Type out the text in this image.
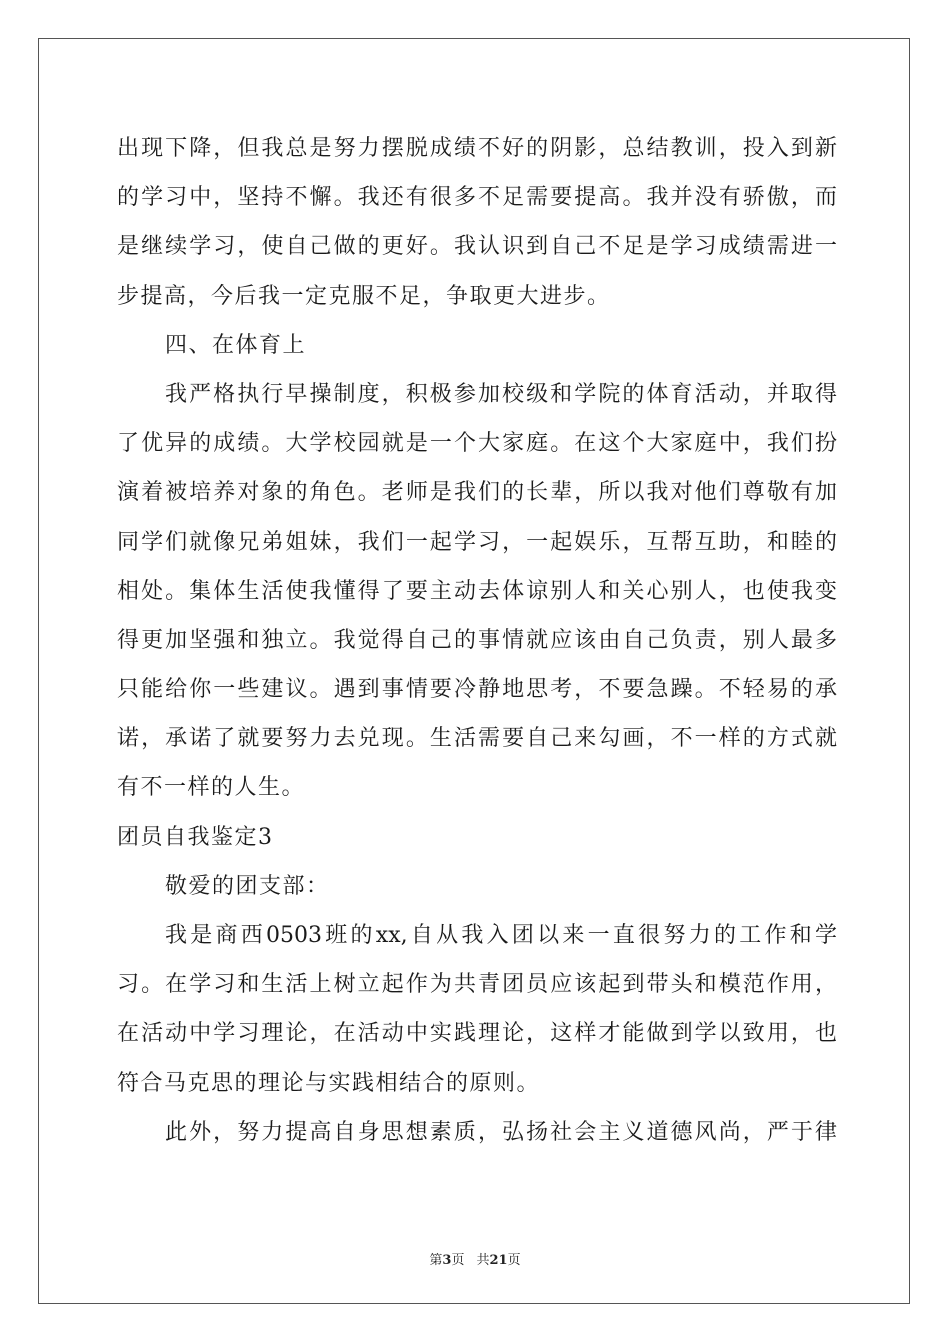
出现下降，但我总是努力摆脱成绩不好的阴影，总结教训，投入到新
的学习中，坚持不懈。我还有很多不足需要提高。我并没有骄傲，而
是继续学习，使自己做的更好。我认识到自己不足是学习成绩需进一
步提高，今后我一定克服不足，争取更大进步。
四、在体育上
我严格执行早操制度，积极参加校级和学院的体育活动，并取得
了优异的成绩。大学校园就是一个大家庭。在这个大家庭中，我们扮
演着被培养对象的角色。老师是我们的长辈，所以我对他们尊敬有加
同学们就像兄弟姐妹，我们一起学习，一起娱乐，互帮互助，和睦的
相处。集体生活使我懂得了要主动去体谅别人和关心别人，也使我变
得更加坚强和独立。我觉得自己的事情就应该由自己负责，别人最多
只能给你一些建议。遇到事情要冷静地思考，不要急躁。不轻易的承
诺，承诺了就要努力去兑现。生活需要自己来勾画，不一样的方式就
有不一样的人生。
团员自我鉴定3
敬爱的团支部：
我是商西0503班的xx,自从我入团以来一直很努力的工作和学
习。在学习和生活上树立起作为共青团员应该起到带头和模范作用，
在活动中学习理论，在活动中实践理论，这样才能做到学以致用，也
符合马克思的理论与实践相结合的原则。
此外，努力提高自身思想素质，弘扬社会主义道德风尚，严于律
第3页 共21页
